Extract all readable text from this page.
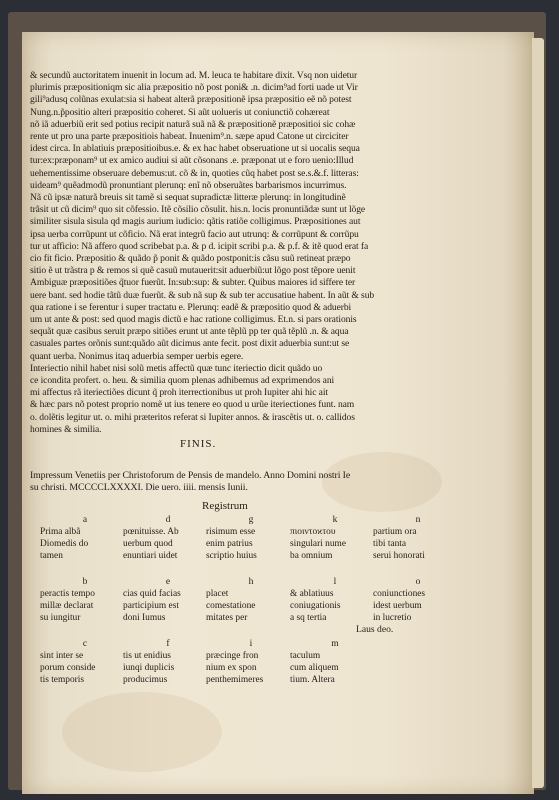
& secundũ auctoritatem inuenit in locum ad. M. leuca te habitare dixit. Vsq non uidetur
plurimis præpositioniqm sic alia præpositio nõ post poni& .n. dicim⁹ad forti uade ut Vir
gili⁹adusq colũnas exulat:sia si habeat alterã præpositionẽ ipsa præpositio eẽ nõ potest
Nung.n.p̃positio alteri præpositio coheret. Si aũt uolueris ut coniunctiõ cohæreat
nõ iã aduerbiũ erit sed potius recipit naturã suã nã & præpositionẽ præpositioi sic cohæ
rente ut pro una parte præpositiois habeat. Inuenim⁹.n. sæpe apud Catone ut circiciter
idest circa. In ablatiuis præpositioibus.e. & ex hac habet obseruatione ut si uocalis sequa
tur:ex:præponam⁹ ut ex amico audiui si aũt cõsonans .e. præponat ut e foro uenio:Illud
uehementissime obseruare debemus:ut. cõ & in, quoties cũq habet post se.s.&.f. litteras:
uideam⁹ quẽadmodũ pronuntiant plerunq: enĩ nõ obseruãtes barbarismos incurrimus.
Nã cũ ipsæ naturã breuis sit tamẽ si sequat supradictæ litteræ plerunq: in longitudinẽ
trãsit ut cũ dicim⁹ quo sit cõfessio. Itẽ cõsilio cõsulit. his.n. locis pronuntiãdæ sunt ut lõge
similiter sisula sisula qd magis aurium iudicio: qãtis ratiõe colligimus. Præpositiones aut
ipsa uerba corrũpunt ut cõficio. Nã erat integrũ facio aut utrunq: & corrũpunt & corrũpu
tur ut afficio: Nã affero quod scribebat p.a. & p d. icipit scribi p.a. & p.f. & itẽ quod erat fa
cio fit ficio. Præpositio & quãdo p̃ ponit & quãdo postponit:is cãsu suũ retineat præpo
sitio ẽ ut trãstra p & remos si quẽ casuũ mutauerit:sit aduerbiũ:ut lõgo post tẽpore uenit
Ambiguæ præpositiões q̃tuor fuerũt. In:sub:sup: & subter. Quibus maiores id siffere ter
uere bant. sed hodie tãtũ duæ fuerũt. & sub nã sup & sub ter accusatiue habent. In aũt & sub
qua ratione i se ferentur i super tractatu e. Plerunq: eadẽ & præpositio quod & aduerbi
um ut ante & post: sed quod magis dictũ e hac ratione colligimus. Et.n. si pars orationis
sequãt quæ casibus seruit præpo sitiões erunt ut ante tẽplũ pp ter quã tẽplũ .n. & aqua
casuales partes orõnis sunt:quãdo aũt dicimus ante fecit. post dixit aduerbia sunt:ut se
quant uerba. Nonimus itaq aduerbia semper uerbis egere.
Interiectio nihil habet nisi solũ metis affectũ quæ tunc iteriectio dicit quãdo uo
ce icondita profert. o. heu. & similia quom plenas adhibemus ad exprimendos ani
mi affectus rã iteriectiões dicunt q̃ proh iterrectionibus ut proh Iupiter ahi hic ait
& hæc pars nõ potest proprio nomẽ ut ius tenere eo quod u urũe iteriectiones funt. nam
o. dolẽtis legitur ut. o. mihi præteritos referat si Iupiter annos. & irascẽtis ut. o. callidos
homines & similia.
FINIS.
Impressum Venetiis per Christoforum de Pensis de mandelo. Anno Domini nostri Ie
su christi. MCCCCLXXXXI. Die uero. iiii. mensis Iunii.
Registrum
a
Prima albã
Diomedis do
tamen
d
pœnituisse. Ab
uerbum quod
enuntiari uidet
g
risimum esse
enim patrius
scriptio huius
k
πιοιντοϰτου
singulari nume
ba omnium
n
partium ora
tibi tanta
serui honorati
b
peractis tempo
millæ declarat
su iungitur
e
cias quid facias
participium est
doni Iumus
h
placet
comestatione
mitates per
l
& ablatiuus
coniugationis
a sq tertia
o
coniunctiones
idest uerbum
in lucretio
c
sint inter se
porum conside
tis temporis
f
tis ut enidius
iunqi duplicis
producimus
i
præcinge fron
nium ex spon
penthemimeres
m
taculum
cum aliquem
tium. Altera
Laus deo.
